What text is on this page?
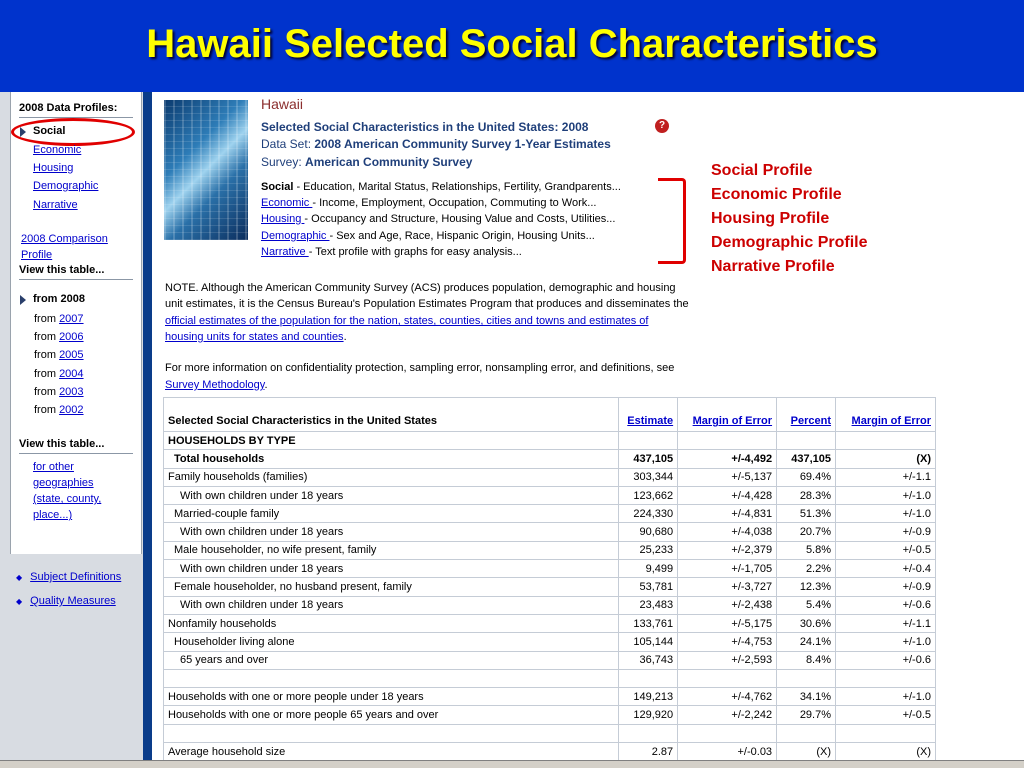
Hawaii Selected Social Characteristics
2008 Data Profiles:
Social
Economic
Housing
Demographic
Narrative
2008 Comparison
Profile
View this table...
from 2008
from 2007
from 2006
from 2005
from 2004
from 2003
from 2002
View this table...
for other
geographies
(state, county,
place...)
◆ Subject Definitions
◆ Quality Measures
Hawaii
Selected Social Characteristics in the United States: 2008	?
Data Set: 2008 American Community Survey 1-Year Estimates
Survey: American Community Survey
Social - Education, Marital Status, Relationships, Fertility, Grandparents...
Economic - Income, Employment, Occupation, Commuting to Work...
Housing - Occupancy and Structure, Housing Value and Costs, Utilities...
Demographic - Sex and Age, Race, Hispanic Origin, Housing Units...
Narrative - Text profile with graphs for easy analysis...
Social Profile
Economic Profile
Housing Profile
Demographic Profile
Narrative Profile
NOTE. Although the American Community Survey (ACS) produces population, demographic and housing
unit estimates, it is the Census Bureau's Population Estimates Program that produces and disseminates the
official estimates of the population for the nation, states, counties, cities and towns and estimates of
housing units for states and counties.
For more information on confidentiality protection, sampling error, nonsampling error, and definitions, see
Survey Methodology.
Selected Social Characteristics in the United States	Estimate	Margin of Error	Percent	Margin of Error
HOUSEHOLDS BY TYPE				
Total households	437,105	+/-4,492	437,105	(X)
Family households (families)	303,344	+/-5,137	69.4%	+/-1.1
With own children under 18 years	123,662	+/-4,428	28.3%	+/-1.0
Married-couple family	224,330	+/-4,831	51.3%	+/-1.0
With own children under 18 years	90,680	+/-4,038	20.7%	+/-0.9
Male householder, no wife present, family	25,233	+/-2,379	5.8%	+/-0.5
With own children under 18 years	9,499	+/-1,705	2.2%	+/-0.4
Female householder, no husband present, family	53,781	+/-3,727	12.3%	+/-0.9
With own children under 18 years	23,483	+/-2,438	5.4%	+/-0.6
Nonfamily households	133,761	+/-5,175	30.6%	+/-1.1
Householder living alone	105,144	+/-4,753	24.1%	+/-1.0
65 years and over	36,743	+/-2,593	8.4%	+/-0.6

Households with one or more people under 18 years	149,213	+/-4,762	34.1%	+/-1.0
Households with one or more people 65 years and over	129,920	+/-2,242	29.7%	+/-0.5

Average household size	2.87	+/-0.03	(X)	(X)
